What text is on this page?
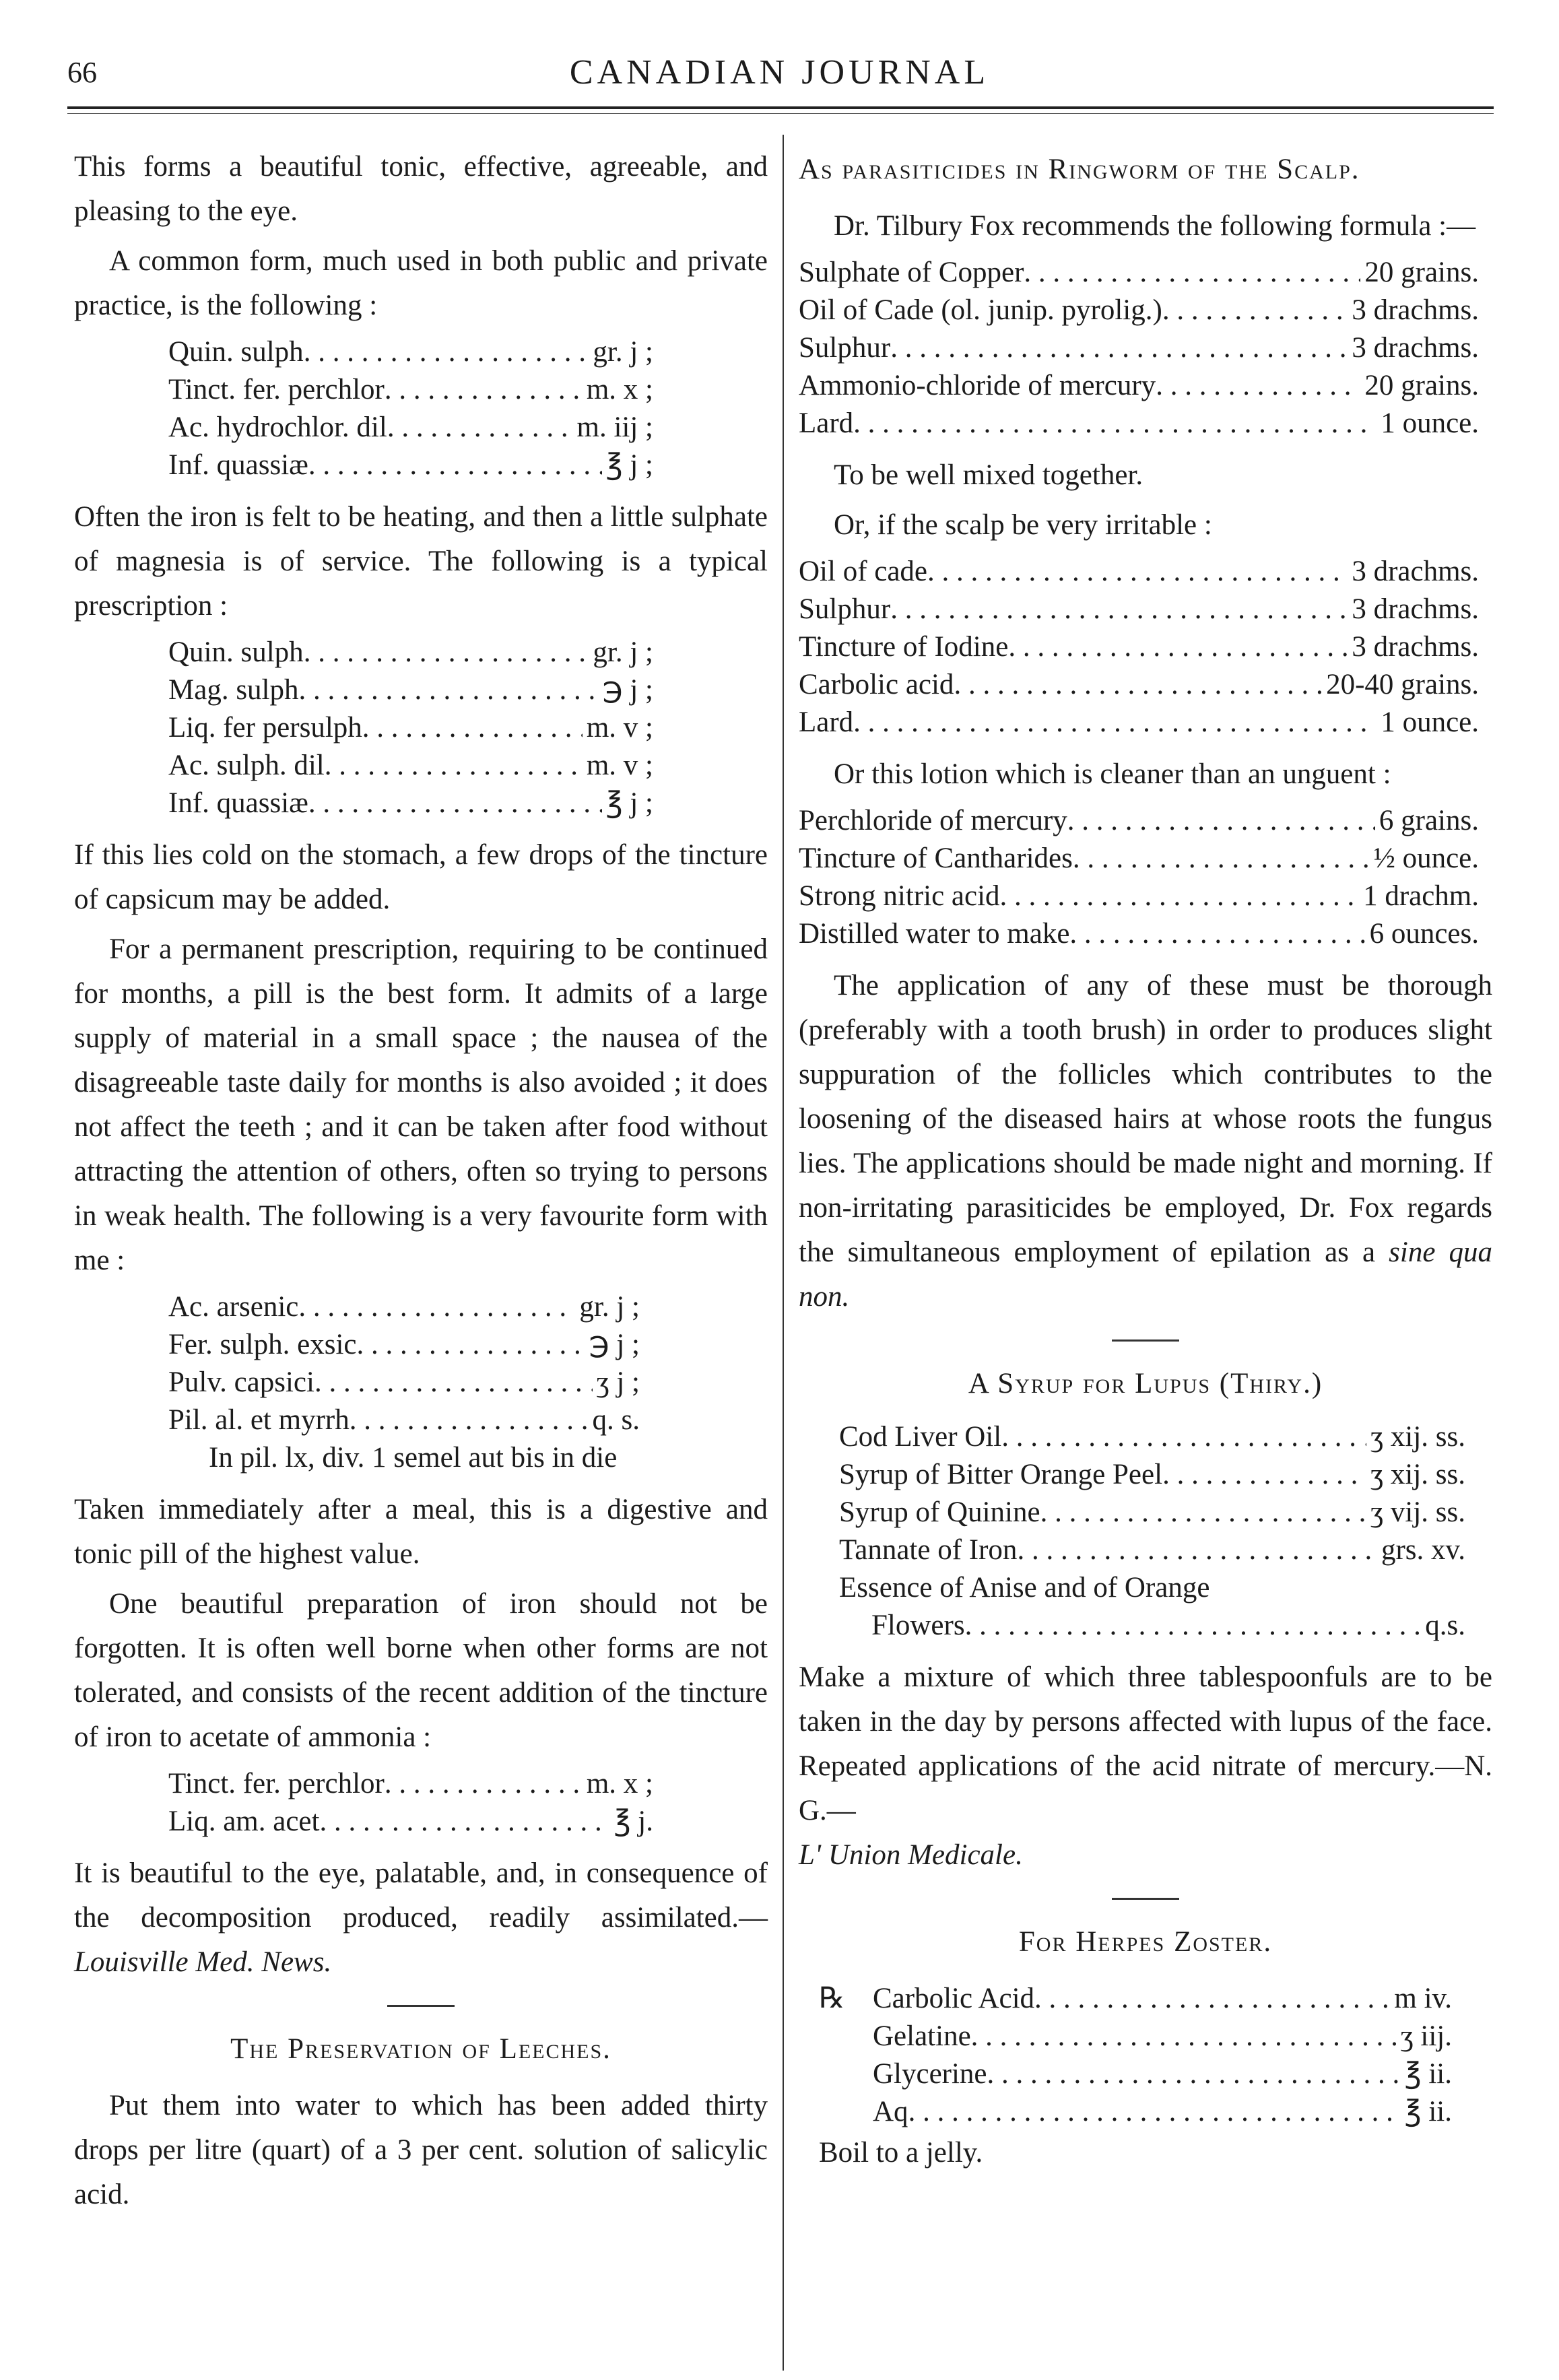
66	CANADIAN JOURNAL

This forms a beautiful tonic, effective, agreeable, and pleasing to the eye.

A common form, much used in both public and private practice, is the following :

Quin. sulph . . .	gr. j ;
Tinct. fer. perchlor . . .	m. x ;
Ac. hydrochlor. dil . . .	m. iij ;
Inf. quassiæ . . .	℥ j ;

Often the iron is felt to be heating, and then a little sulphate of magnesia is of service. The following is a typical prescription :

Quin. sulph . . .	gr. j ;
Mag. sulph . . .	℈ j ;
Liq. fer persulph . . .	m. v ;
Ac. sulph. dil . . .	m. v ;
Inf. quassiæ . . .	℥ j ;

If this lies cold on the stomach, a few drops of the tincture of capsicum may be added.

For a permanent prescription, requiring to be continued for months, a pill is the best form. It admits of a large supply of material in a small space ; the nausea of the disagreeable taste daily for months is also avoided ; it does not affect the teeth ; and it can be taken after food without attracting the attention of others, often so trying to persons in weak health. The following is a very favourite form with me :

Ac. arsenic . . .	gr. j ;
Fer. sulph. exsic . . .	℈ j ;
Pulv. capsici . . .	ʒ j ;
Pil. al. et myrrh . . .	q. s.
In pil. lx, div. 1 semel aut bis in die

Taken immediately after a meal, this is a digestive and tonic pill of the highest value.

One beautiful preparation of iron should not be forgotten. It is often well borne when other forms are not tolerated, and consists of the recent addition of the tincture of iron to acetate of ammonia :

Tinct. fer. perchlor . . .	m. x ;
Liq. am. acet . . .	℥ j.

It is beautiful to the eye, palatable, and, in consequence of the decomposition produced, readily assimilated.—Louisville Med. News.

The Preservation of Leeches.

Put them into water to which has been added thirty drops per litre (quart) of a 3 per cent. solution of salicylic acid.

As parasiticides in Ringworm of the Scalp.

Dr. Tilbury Fox recommends the following formula :—

Sulphate of Copper . . .	20 grains.
Oil of Cade (ol. junip. pyrolig.) . . .	3 drachms.
Sulphur . . .	3 drachms.
Ammonio-chloride of mercury . . .	20 grains.
Lard . . .	1 ounce.

To be well mixed together.

Or, if the scalp be very irritable :

Oil of cade . . .	3 drachms.
Sulphur . . .	3 drachms.
Tincture of Iodine . . .	3 drachms.
Carbolic acid . . .	20-40 grains.
Lard . . .	1 ounce.

Or this lotion which is cleaner than an unguent :

Perchloride of mercury . . .	6 grains.
Tincture of Cantharides . . .	½ ounce.
Strong nitric acid . . .	1 drachm.
Distilled water to make . . .	6 ounces.

The application of any of these must be thorough (preferably with a tooth brush) in order to produces slight suppuration of the follicles which contributes to the loosening of the diseased hairs at whose roots the fungus lies. The applications should be made night and morning. If non-irritating parasiticides be employed, Dr. Fox regards the simultaneous employment of epilation as a sine qua non.

A Syrup for Lupus (Thiry.)
Cod Liver Oil . . .	ʒ xij. ss.
Syrup of Bitter Orange Peel . . .	ʒ xij. ss.
Syrup of Quinine . . .	ʒ vij. ss.
Tannate of Iron . . .	grs. xv.
Essence of Anise and of Orange
Flowers . . .	q.s.

Make a mixture of which three tablespoonfuls are to be taken in the day by persons affected with lupus of the face. Repeated applications of the acid nitrate of mercury.—N. G.—
L' Union Medicale.

For Herpes Zoster.
℞ Carbolic Acid . . .	m iv.
Gelatine . . .	ʒ iij.
Glycerine . . .	℥ ii.
Aq . . .	℥ ii.

Boil to a jelly.
